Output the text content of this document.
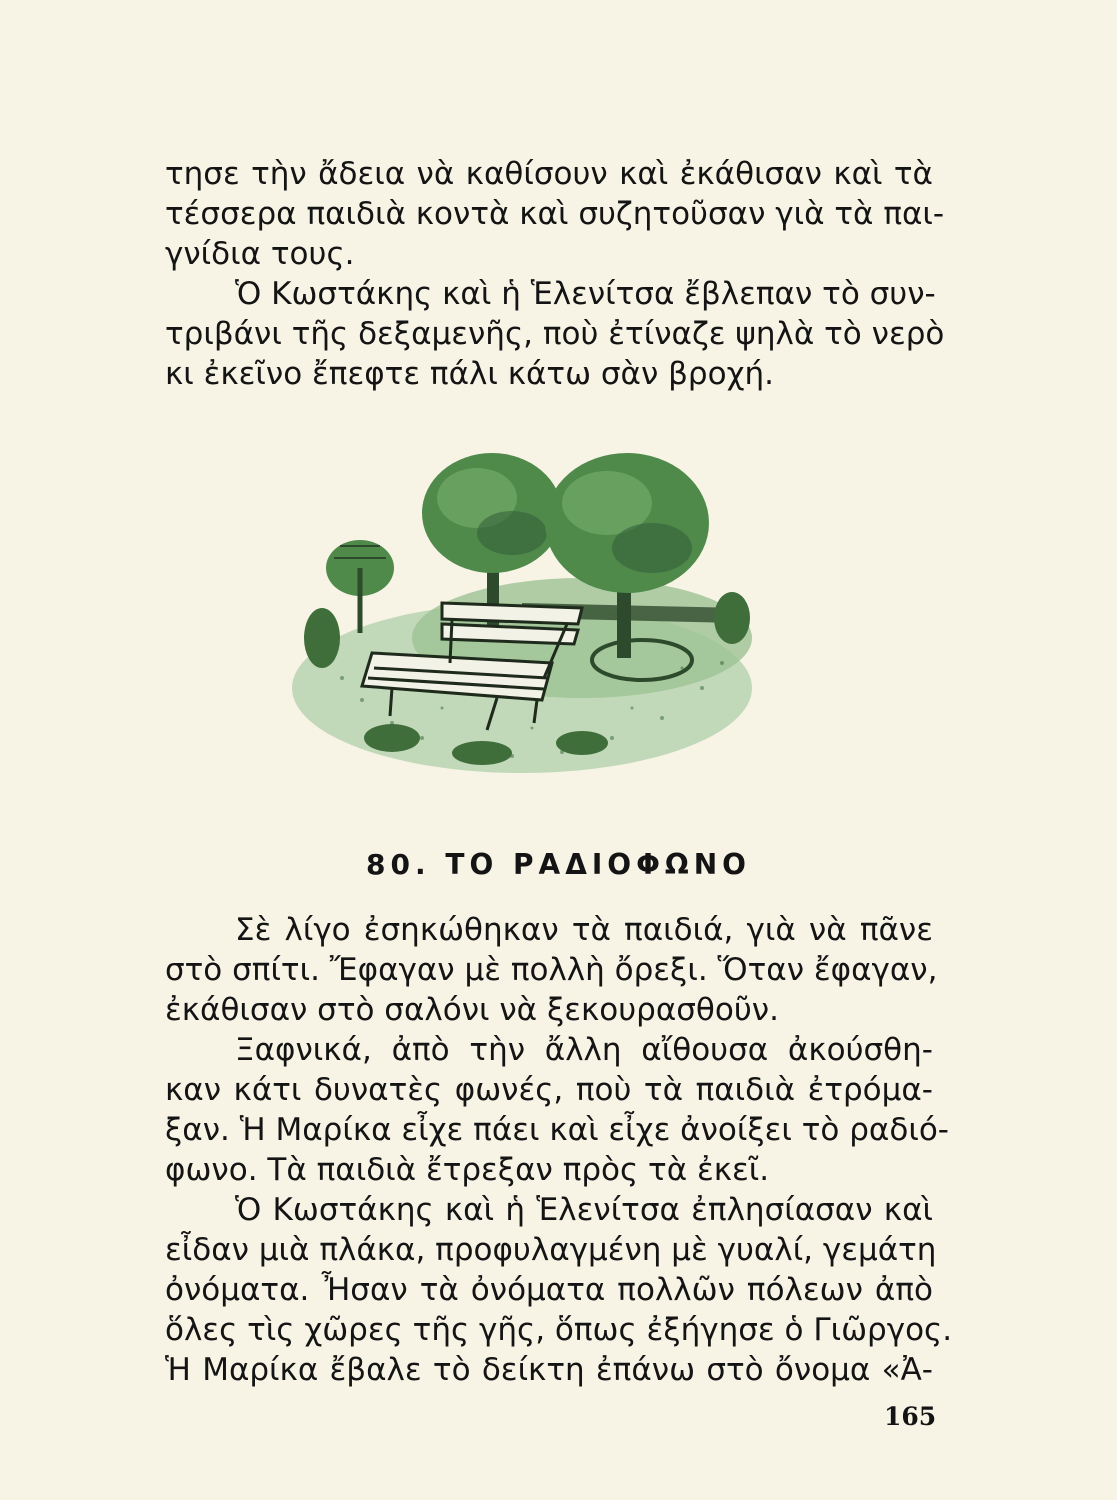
τησε τὴν ἄδεια νὰ καθίσουν καὶ ἐκάθισαν καὶ τὰ
τέσσερα παιδιὰ κοντὰ καὶ συζητοῦσαν γιὰ τὰ παι-
γνίδια τους.
Ὁ Κωστάκης καὶ ἡ Ἑλενίτσα ἔβλεπαν τὸ συν-
τριβάνι τῆς δεξαμενῆς, ποὺ ἐτίναζε ψηλὰ τὸ νερὸ
κι ἐκεῖνο ἔπεφτε πάλι κάτω σὰν βροχή.
80. ΤΟ ΡΑΔΙΟΦΩΝΟ
Σὲ λίγο ἐσηκώθηκαν τὰ παιδιά, γιὰ νὰ πᾶνε
στὸ σπίτι. Ἔφαγαν μὲ πολλὴ ὄρεξι. Ὅταν ἔφαγαν,
ἐκάθισαν στὸ σαλόνι νὰ ξεκουρασθοῦν.
Ξαφνικά, ἀπὸ τὴν ἄλλη αἴθουσα ἀκούσθη-
καν κάτι δυνατὲς φωνές, ποὺ τὰ παιδιὰ ἐτρόμα-
ξαν. Ἡ Μαρίκα εἶχε πάει καὶ εἶχε ἀνοίξει τὸ ραδιό-
φωνο. Τὰ παιδιὰ ἔτρεξαν πρὸς τὰ ἐκεῖ.
Ὁ Κωστάκης καὶ ἡ Ἑλενίτσα ἐπλησίασαν καὶ
εἶδαν μιὰ πλάκα, προφυλαγμένη μὲ γυαλί, γεμάτη
ὀνόματα. Ἦσαν τὰ ὀνόματα πολλῶν πόλεων ἀπὸ
ὅλες τὶς χῶρες τῆς γῆς, ὅπως ἐξήγησε ὁ Γιῶργος.
Ἡ Μαρίκα ἔβαλε τὸ δείκτη ἐπάνω στὸ ὄνομα «Ἀ-
165
